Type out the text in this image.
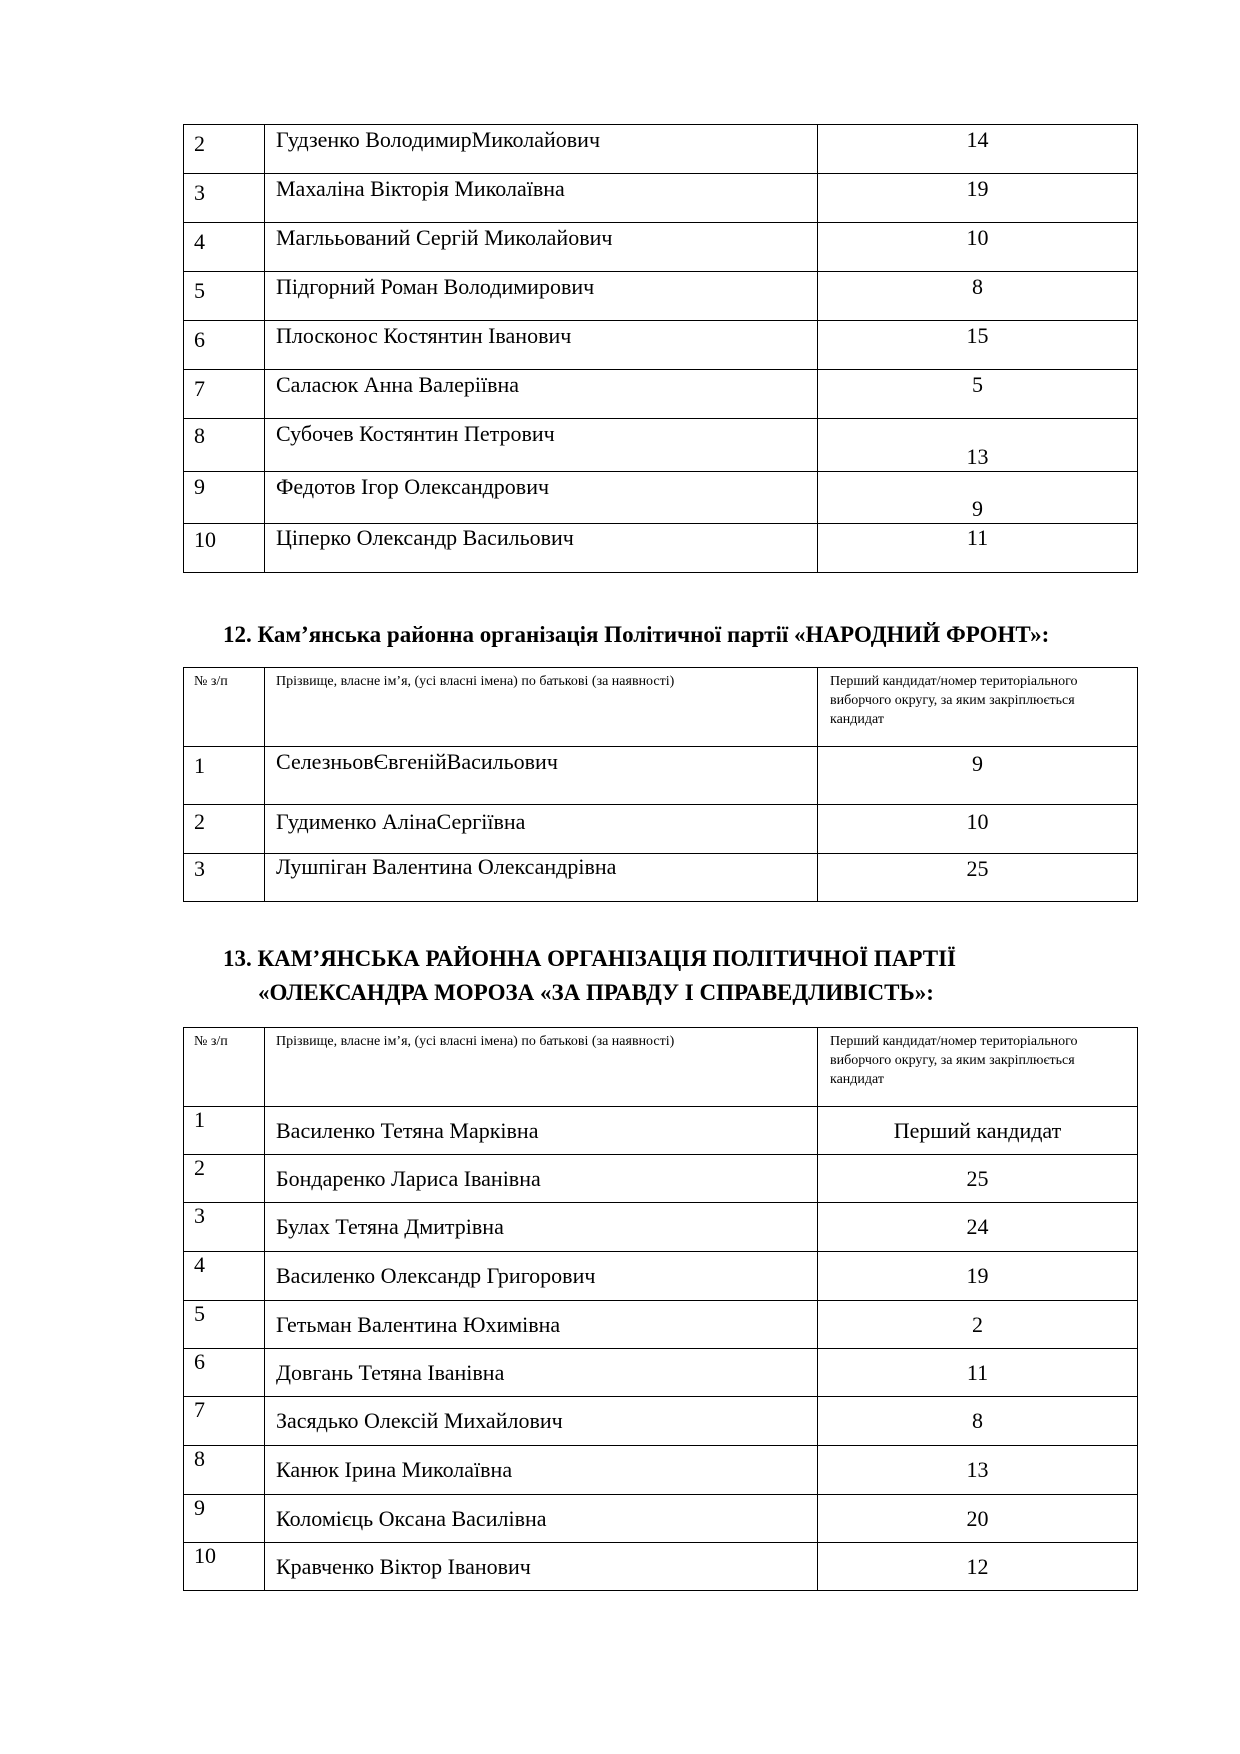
2	Гудзенко ВолодимирМиколайович	14
3	Махаліна Вікторія Миколаївна	19
4	Маглььований Сергій Миколайович	10
5	Підгорний Роман Володимирович	8
6	Плосконос Костянтин Іванович	15
7	Саласюк Анна Валеріївна	5
8	Субочев Костянтин Петрович	13
9	Федотов Ігор Олександрович	9
10	Ціперко Олександр Васильович	11
12. Кам’янська районна організація Політичної партії «НАРОДНИЙ ФРОНТ»:
№ з/п	Прізвище, власне ім’я, (усі власні імена) по батькові (за наявності)	Перший кандидат/номер територіального виборчого округу, за яким закріплюється кандидат
1	СелезньовЄвгенійВасильович	9
2	Гудименко АлінаСергіївна	10
3	Лушпіган Валентина Олександрівна	25
13. КАМ’ЯНСЬКА РАЙОННА ОРГАНІЗАЦІЯ ПОЛІТИЧНОЇ ПАРТІЇ
«ОЛЕКСАНДРА МОРОЗА «ЗА ПРАВДУ І СПРАВЕДЛИВІСТЬ»:
№ з/п	Прізвище, власне ім’я, (усі власні імена) по батькові (за наявності)	Перший кандидат/номер територіального виборчого округу, за яким закріплюється кандидат
1	Василенко Тетяна Марківна	Перший кандидат
2	Бондаренко Лариса Іванівна	25
3	Булах Тетяна Дмитрівна	24
4	Василенко Олександр Григорович	19
5	Гетьман Валентина Юхимівна	2
6	Довгань Тетяна Іванівна	11
7	Засядько Олексій Михайлович	8
8	Канюк Ірина Миколаївна	13
9	Коломієць Оксана Василівна	20
10	Кравченко Віктор Іванович	12
